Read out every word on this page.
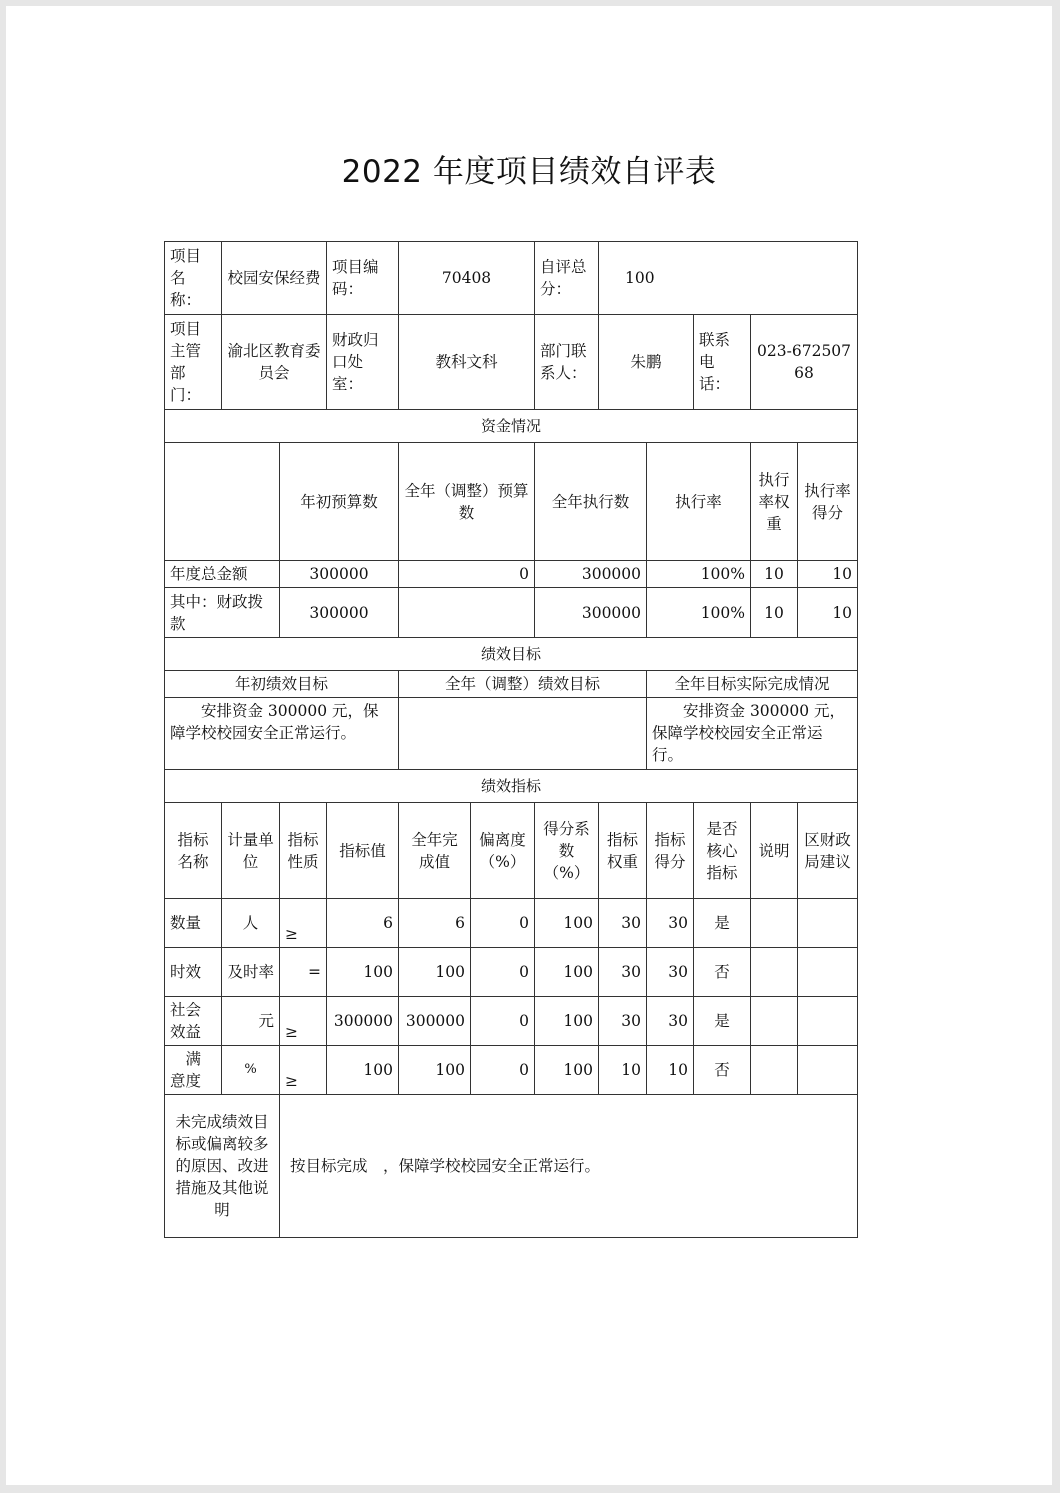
2022 年度项目绩效自评表
项目名称：	校园安保经费		项目编码：	70408		自评总分：	100				
项目主管部门：	渝北区教育委员会		财政归口处室：	教科文科		部门联系人：	朱鹏		联系电话：	023-67250768	
资金情况											
		年初预算数		全年（调整）预算数		全年执行数		执行率		执行率权重	执行率得分
年度总金额		300000		0		300000		100%		10	10
其中：财政拨款		300000				300000		100%		10	10
绩效目标											
年初绩效目标				全年（调整）绩效目标				全年目标实际完成情况			
安排资金 300000 元，保障学校校园安全正常运行。								安排资金 300000 元，保障学校校园安全正常运行。			
绩效指标											
指标名称	计量单位	指标性质	指标值	全年完成值	偏离度（%）	得分系数（%）	指标权重	指标得分	是否核心指标	说明	区财政局建议
数量	人	≥	6	6	0	100	30	30	是		
时效	及时率	=	100	100	0	100	30	30	否		
社会效益	元	≥	300000	300000	0	100	30	30	是		
满意度	%	≥	100	100	0	100	10	10	否		
未完成绩效目标或偏离较多的原因、改进措施及其他说明		按目标完成　，保障学校校园安全正常运行。									
